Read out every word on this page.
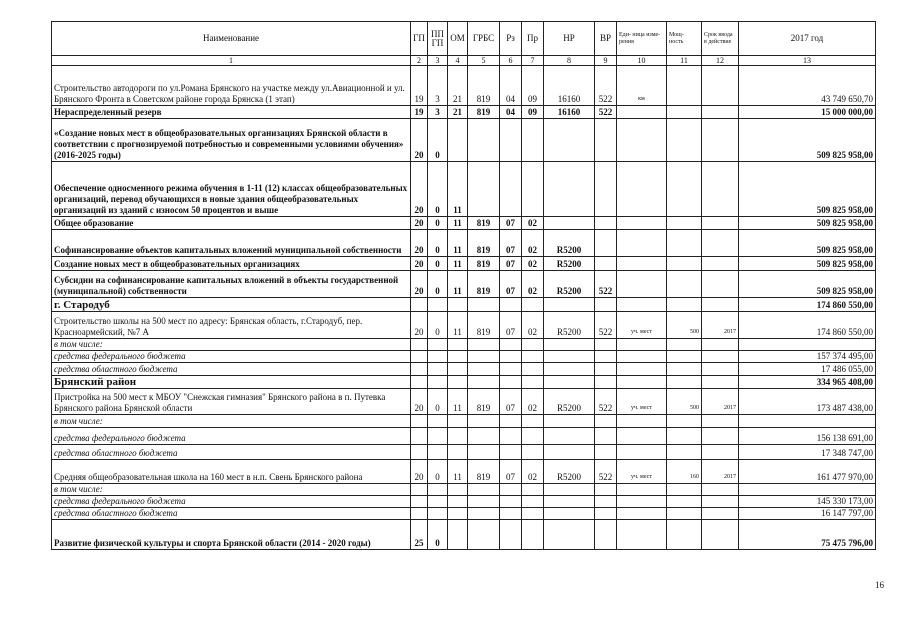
Наименование	ГП	ППГП	ОМ	ГРБС	Рз	Пр	НР	ВР	Еди- ница изме- рения	Мощ- ность	Срок ввода в действие	2017 год
1	2	3	4	5	6	7	8	9	10	11	12	13
Строительство автодороги по ул.Романа Брянского на участке между ул.Авиационной и ул. Брянского Фронта в Советском районе города Брянска (1 этап)	19	3	21	819	04	09	16160	522	км			43 749 650,70
Нераспределенный резерв	19	3	21	819	04	09	16160	522				15 000 000,00
«Создание новых мест в общеобразовательных организациях Брянской области в соответствии с прогнозируемой потребностью и современными условиями обучения» (2016-2025 годы)	20	0										509 825 958,00
Обеспечение односменного режима обучения в 1-11 (12) классах общеобразовательных организаций, перевод обучающихся в новые здания общеобразовательных организаций из зданий с износом 50 процентов и выше	20	0	11									509 825 958,00
Общее образование	20	0	11	819	07	02						509 825 958,00
Софинансирование объектов капитальных вложений муниципальной собственности	20	0	11	819	07	02	R5200					509 825 958,00
Создание новых мест в общеобразовательных организациях	20	0	11	819	07	02	R5200					509 825 958,00
Субсидии на софинансирование капитальных вложений в объекты государственной (муниципальной) собственности	20	0	11	819	07	02	R5200	522				509 825 958,00
г. Стародуб												174 860 550,00
Строительство школы на 500 мест по адресу: Брянская область, г.Стародуб, пер. Красноармейский, №7 А	20	0	11	819	07	02	R5200	522	уч. мест	500	2017	174 860 550,00
в том числе:												
средства федерального бюджета												157 374 495,00
средства областного бюджета												17 486 055,00
Брянский район												334 965 408,00
Пристройка на 500 мест к МБОУ "Снежская гимназия" Брянского района в п. Путевка Брянского района Брянской области	20	0	11	819	07	02	R5200	522	уч. мест	500	2017	173 487 438,00
в том числе:												
средства федерального бюджета												156 138 691,00
средства областного бюджета												17 348 747,00
Средняя общеобразовательная школа на 160 мест в н.п. Свень Брянского района	20	0	11	819	07	02	R5200	522	уч. мест	160	2017	161 477 970,00
в том числе:												
средства федерального бюджета												145 330 173,00
средства областного бюджета												16 147 797,00
Развитие физической культуры и спорта Брянской области (2014 - 2020 годы)	25	0										75 475 796,00
16
